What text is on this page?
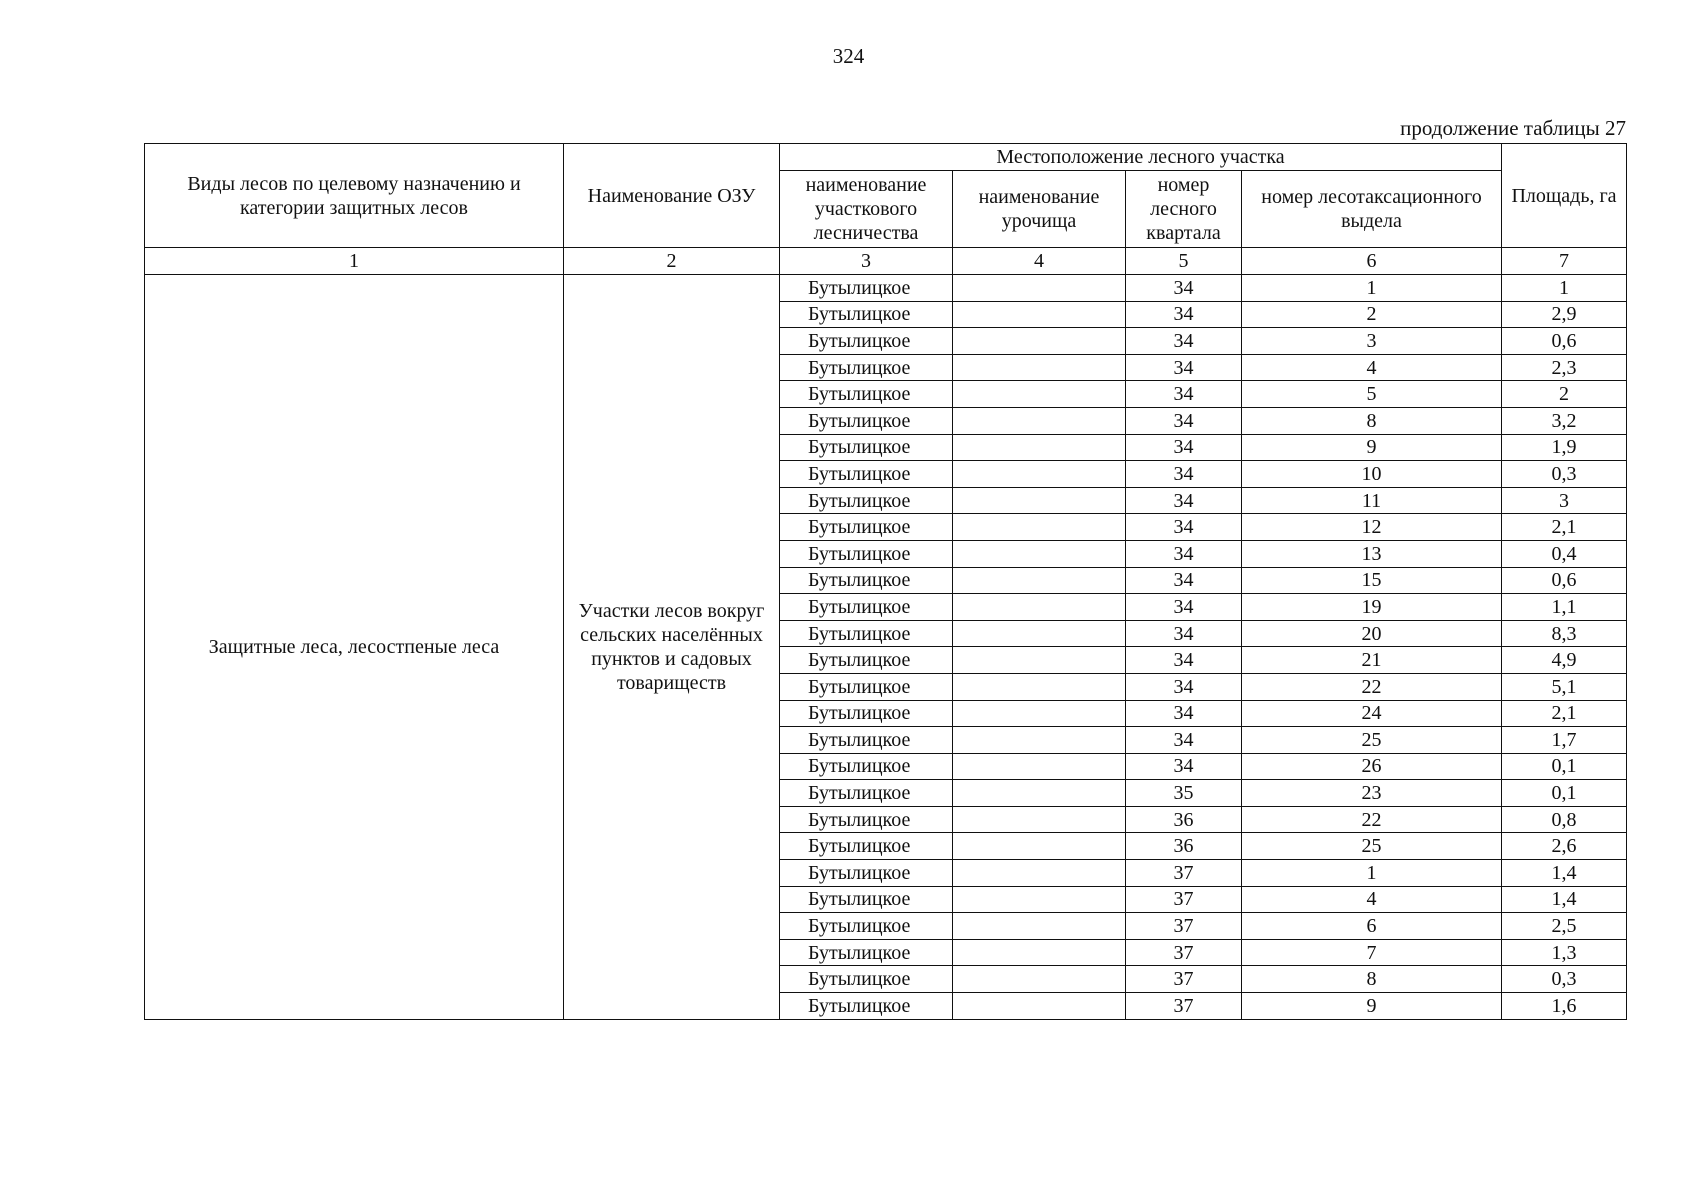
324
продолжение таблицы 27
Виды лесов по целевому назначению и категории защитных лесов	Наименование ОЗУ	Местоположение лесного участка				Площадь, га
		наименование участкового лесничества	наименование урочища	номер лесного квартала	номер лесотаксационного выдела	
1	2	3	4	5	6	7
Защитные леса, лесостпеные леса	Участки лесов вокруг сельских населённых пунктов и садовых товариществ	Бутылицкое		34	1	1
		Бутылицкое		34	2	2,9
		Бутылицкое		34	3	0,6
		Бутылицкое		34	4	2,3
		Бутылицкое		34	5	2
		Бутылицкое		34	8	3,2
		Бутылицкое		34	9	1,9
		Бутылицкое		34	10	0,3
		Бутылицкое		34	11	3
		Бутылицкое		34	12	2,1
		Бутылицкое		34	13	0,4
		Бутылицкое		34	15	0,6
		Бутылицкое		34	19	1,1
		Бутылицкое		34	20	8,3
		Бутылицкое		34	21	4,9
		Бутылицкое		34	22	5,1
		Бутылицкое		34	24	2,1
		Бутылицкое		34	25	1,7
		Бутылицкое		34	26	0,1
		Бутылицкое		35	23	0,1
		Бутылицкое		36	22	0,8
		Бутылицкое		36	25	2,6
		Бутылицкое		37	1	1,4
		Бутылицкое		37	4	1,4
		Бутылицкое		37	6	2,5
		Бутылицкое		37	7	1,3
		Бутылицкое		37	8	0,3
		Бутылицкое		37	9	1,6
